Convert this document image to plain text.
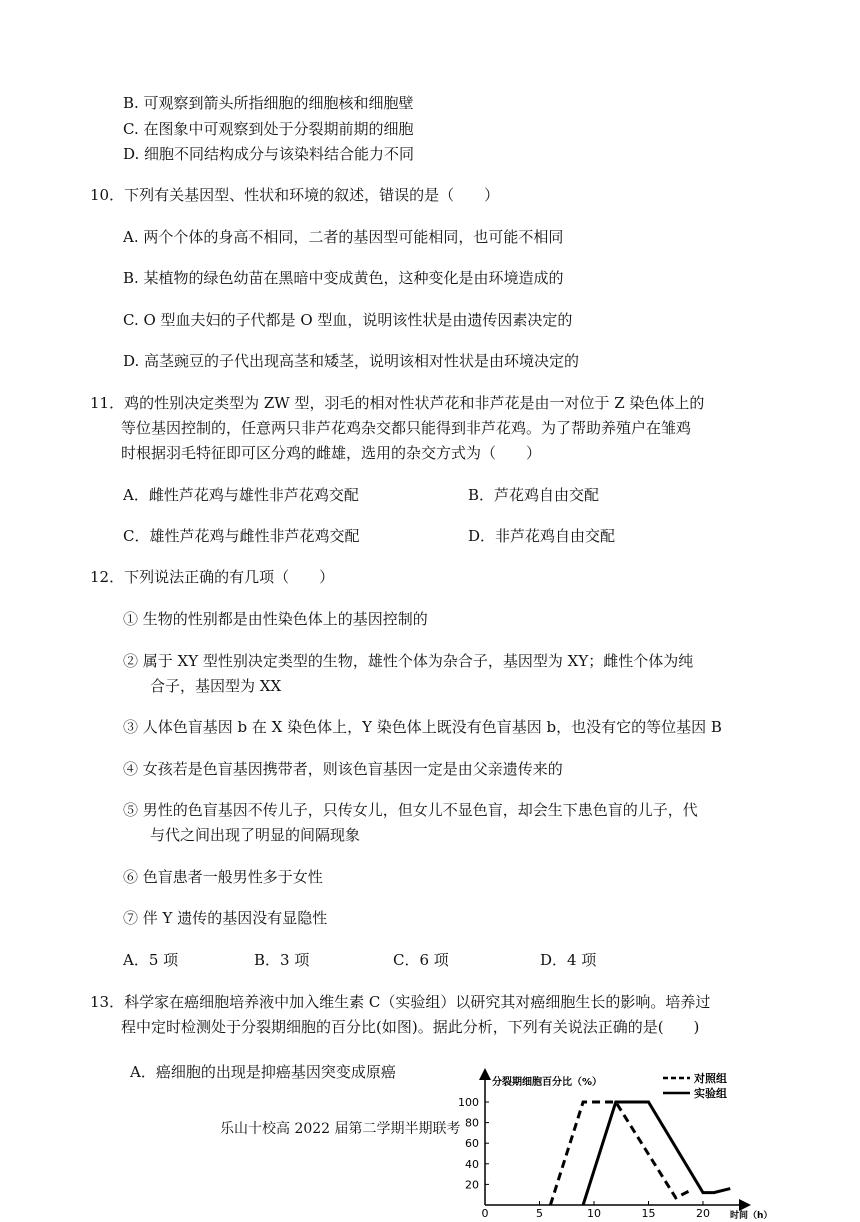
B. 可观察到箭头所指细胞的细胞核和细胞壁
C. 在图象中可观察到处于分裂期前期的细胞
D. 细胞不同结构成分与该染料结合能力不同
10．下列有关基因型、性状和环境的叙述，错误的是（　　）
A. 两个个体的身高不相同，二者的基因型可能相同，也可能不相同
B. 某植物的绿色幼苗在黑暗中变成黄色，这种变化是由环境造成的
C. O 型血夫妇的子代都是 O 型血，说明该性状是由遗传因素决定的
D. 高茎豌豆的子代出现高茎和矮茎，说明该相对性状是由环境决定的
11．鸡的性别决定类型为 ZW 型，羽毛的相对性状芦花和非芦花是由一对位于 Z 染色体上的
等位基因控制的，任意两只非芦花鸡杂交都只能得到非芦花鸡。为了帮助养殖户在雏鸡
时根据羽毛特征即可区分鸡的雌雄，选用的杂交方式为（　　）
A．雌性芦花鸡与雄性非芦花鸡交配	B．芦花鸡自由交配
C．雄性芦花鸡与雌性非芦花鸡交配	D．非芦花鸡自由交配
12．下列说法正确的有几项（　　）
① 生物的性别都是由性染色体上的基因控制的
② 属于 XY 型性别决定类型的生物，雄性个体为杂合子，基因型为 XY；雌性个体为纯
合子，基因型为 XX
③ 人体色盲基因 b 在 X 染色体上，Y 染色体上既没有色盲基因 b，也没有它的等位基因 B
④ 女孩若是色盲基因携带者，则该色盲基因一定是由父亲遗传来的
⑤ 男性的色盲基因不传儿子，只传女儿，但女儿不显色盲，却会生下患色盲的儿子，代
与代之间出现了明显的间隔现象
⑥ 色盲患者一般男性多于女性
⑦ 伴 Y 遗传的基因没有显隐性
A．5 项	B．3 项	C．6 项	D．4 项
13．科学家在癌细胞培养液中加入维生素 C（实验组）以研究其对癌细胞生长的影响。培养过
程中定时检测处于分裂期细胞的百分比(如图)。据此分析，下列有关说法正确的是(　　)
A．癌细胞的出现是抑癌基因突变成原癌
乐山十校高 2022 届第二学期半期联考
20
40
60
80
100
0	5	10	15	20
分裂期细胞百分比（%）
时间（h）
对照组
实验组
